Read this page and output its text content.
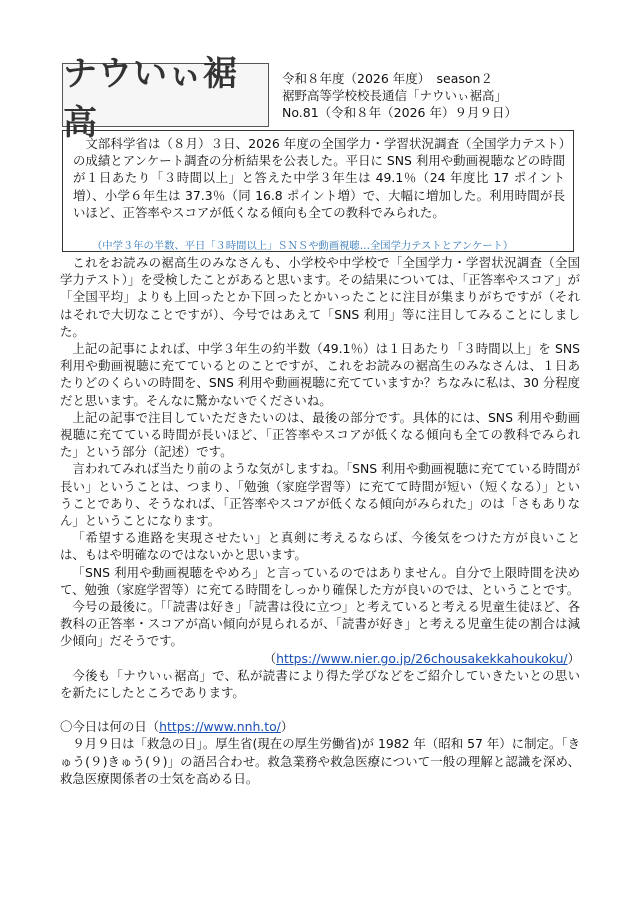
ナウいぃ裾高
令和８年度（2026 年度）　season２
裾野高等学校校長通信「ナウいぃ裾高」
No.81（令和８年（2026 年）９月９日）
文部科学省は（８月）３日、2026 年度の全国学力・学習状況調査（全国学力テスト）の成績とアンケート調査の分析結果を公表した。平日に SNS 利用や動画視聴などの時間が１日あたり「３時間以上」と答えた中学３年生は 49.1％（24 年度比 17 ポイント増）、小学６年生は 37.3％（同 16.8 ポイント増）で、大幅に増加した。利用時間が長いほど、正答率やスコアが低くなる傾向も全ての教科でみられた。
（中学３年の半数、平日「３時間以上」ＳＮＳや動画視聴…全国学力テストとアンケート）

これをお読みの裾高生のみなさんも、小学校や中学校で「全国学力・学習状況調査（全国学力テスト）」を受検したことがあると思います。その結果については、「正答率やスコア」が「全国平均」よりも上回ったとか下回ったとかいったことに注目が集まりがちですが（それはそれで大切なことですが）、今号ではあえて「SNS 利用」等に注目してみることにしました。

上記の記事によれば、中学３年生の約半数（49.1％）は１日あたり「３時間以上」を SNS 利用や動画視聴に充てているとのことですが、これをお読みの裾高生のみなさんは、１日あたりどのくらいの時間を、SNS 利用や動画視聴に充てていますか？ちなみに私は、30 分程度だと思います。そんなに驚かないでくださいね。

上記の記事で注目していただきたいのは、最後の部分です。具体的には、SNS 利用や動画視聴に充てている時間が長いほど、「正答率やスコアが低くなる傾向も全ての教科でみられた」という部分（記述）です。

言われてみれば当たり前のような気がしますね。「SNS 利用や動画視聴に充てている時間が長い」ということは、つまり、「勉強（家庭学習等）に充てて時間が短い（短くなる）」ということであり、そうなれば、「正答率やスコアが低くなる傾向がみられた」のは「さもありなん」ということになります。

「希望する進路を実現させたい」と真剣に考えるならば、今後気をつけた方が良いことは、もはや明確なのではないかと思います。

「SNS 利用や動画視聴をやめろ」と言っているのではありません。自分で上限時間を決めて、勉強（家庭学習等）に充てる時間をしっかり確保した方が良いのでは、ということです。

今号の最後に。「「読書は好き」「読書は役に立つ」と考えていると考える児童生徒ほど、各教科の正答率・スコアが高い傾向が見られるが、「読書が好き」と考える児童生徒の割合は減少傾向」だそうです。

（https://www.nier.go.jp/26chousakekkahoukoku/）

今後も「ナウいぃ裾高」で、私が読書により得た学びなどをご紹介していきたいとの思いを新たにしたところであります。

〇今日は何の日（https://www.nnh.to/）

９月９日は「救急の日」。厚生省(現在の厚生労働省)が 1982 年（昭和 57 年）に制定。「きゅう(９)きゅう(９)」の語呂合わせ。救急業務や救急医療について一般の理解と認識を深め、救急医療関係者の士気を高める日。
